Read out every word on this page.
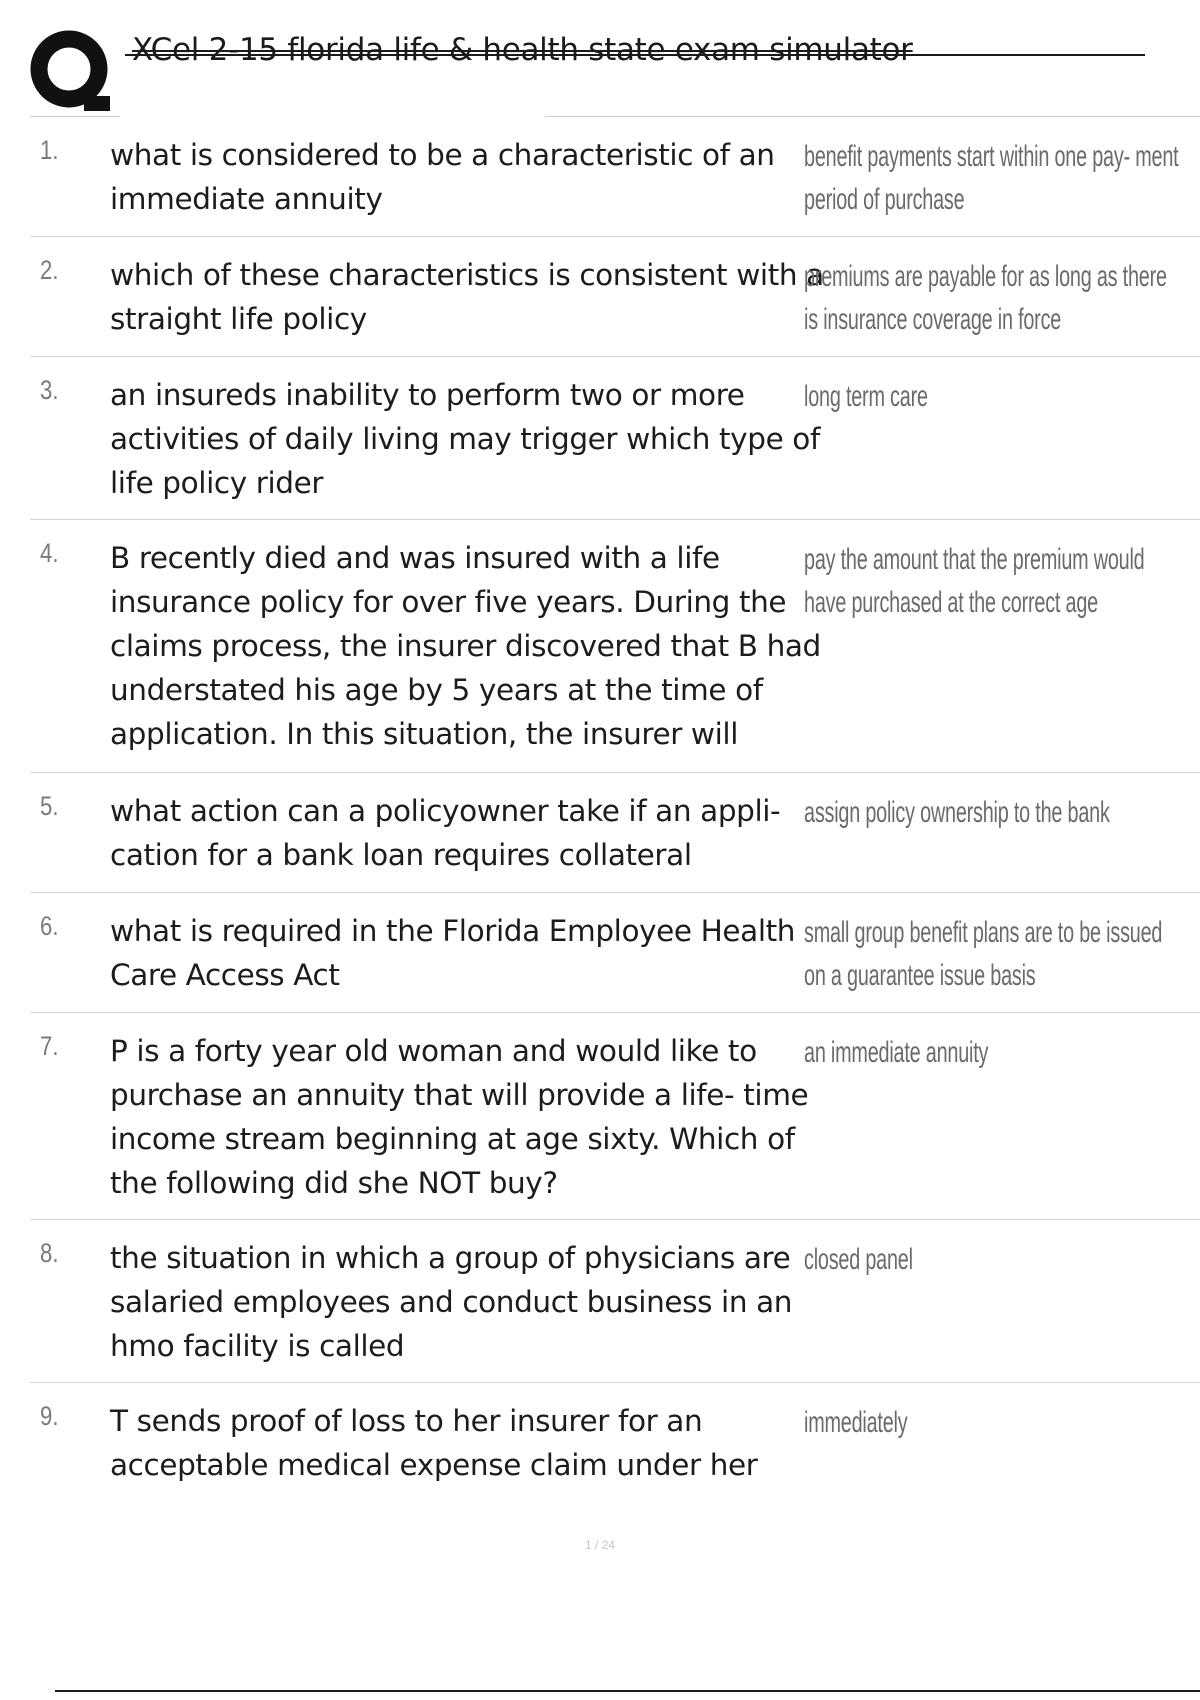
XCel 2-15 florida life & health state exam simulator
1. what is considered to be a characteristic of an immediate annuity
benefit payments start within one pay- ment period of purchase
2. which of these characteristics is consistent with a straight life policy
premiums are payable for as long as there is insurance coverage in force
3. an insureds inability to perform two or more activities of daily living may trigger which type of life policy rider
long term care
4. B recently died and was insured with a life insurance policy for over five years. During the claims process, the insurer discovered that B had understated his age by 5 years at the time of application. In this situation, the insurer will
pay the amount that the premium would have purchased at the correct age
5. what action can a policyowner take if an appli- cation for a bank loan requires collateral
assign policy ownership to the bank
6. what is required in the Florida Employee Health Care Access Act
small group benefit plans are to be issued on a guarantee issue basis
7. P is a forty year old woman and would like to purchase an annuity that will provide a life- time income stream beginning at age sixty. Which of the following did she NOT buy?
an immediate annuity
8. the situation in which a group of physicians are salaried employees and conduct business in an hmo facility is called
closed panel
9. T sends proof of loss to her insurer for an acceptable medical expense claim under her
immediately
1 / 24
